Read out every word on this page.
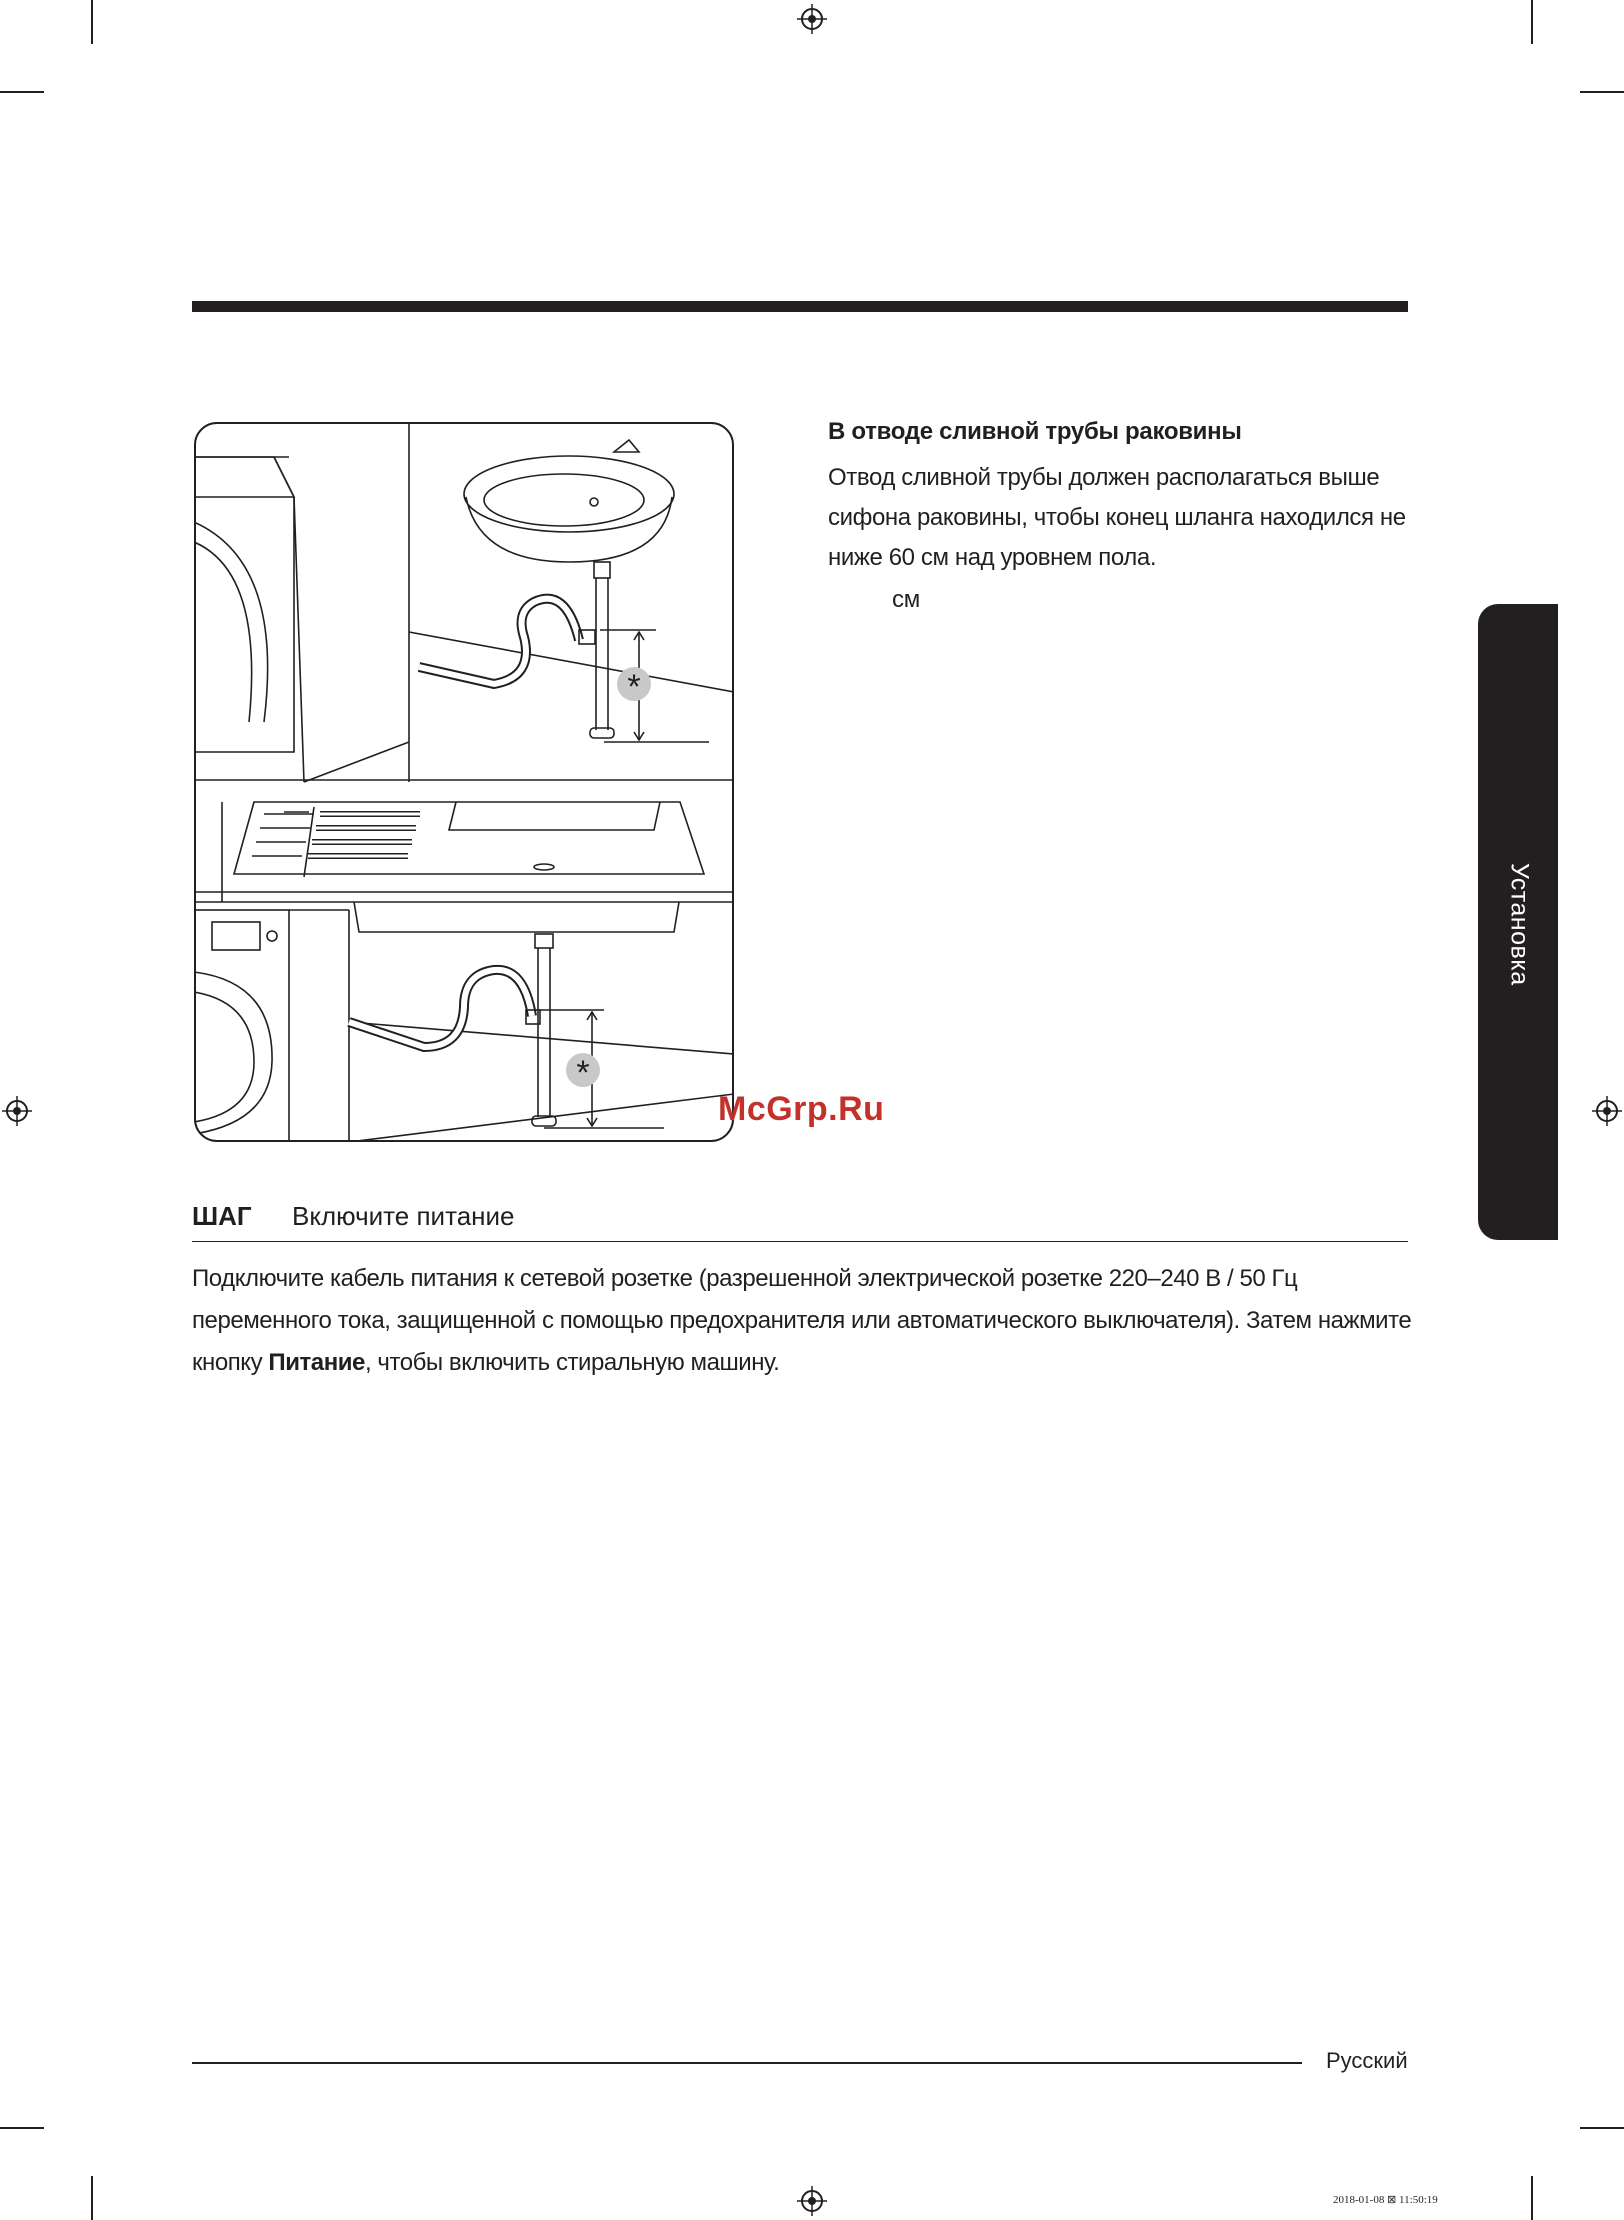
*
*
В отводе сливной трубы раковины
Отвод сливной трубы должен располагаться выше сифона раковины, чтобы конец шланга находился не ниже 60 см над уровнем пола.
см
ШАГ Включите питание
Подключите кабель питания к сетевой розетке (разрешенной электрической розетке 220–240 В / 50 Гц переменного тока, защищенной с помощью предохранителя или автоматического выключателя). Затем нажмите кнопку Питание, чтобы включить стиральную машину.
Установка
McGrp.Ru
Русский
2018-01-08 ⊠ 11:50:19
